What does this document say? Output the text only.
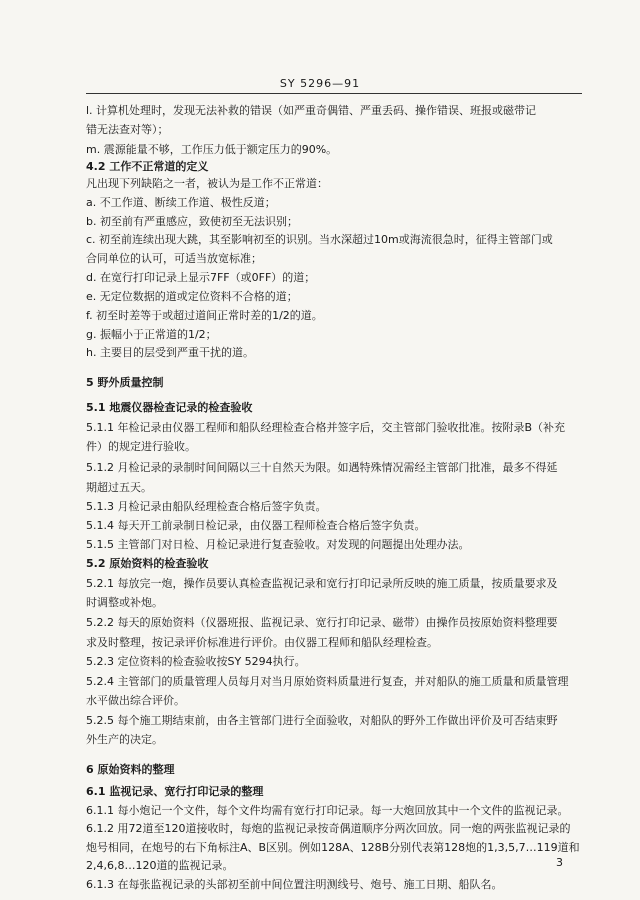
SY 5296—91
l. 计算机处理时，发现无法补救的错误（如严重奇偶错、严重丢码、操作错误、班报或磁带记
错无法查对等）；
m. 震源能量不够，工作压力低于额定压力的90%。
4.2 工作不正常道的定义
凡出现下列缺陷之一者，被认为是工作不正常道：
a. 不工作道、断续工作道、极性反道；
b. 初至前有严重感应，致使初至无法识别；
c. 初至前连续出现大跳，其至影响初至的识别。当水深超过10m或海流很急时，征得主管部门或
合同单位的认可，可适当放宽标准；
d. 在宽行打印记录上显示7FF（或0FF）的道；
e. 无定位数据的道或定位资料不合格的道；
f. 初至时差等于或超过道间正常时差的1/2的道。
g. 振幅小于正常道的1/2；
h. 主要目的层受到严重干扰的道。
5 野外质量控制
5.1 地震仪器检查记录的检查验收
5.1.1 年检记录由仪器工程师和船队经理检查合格并签字后，交主管部门验收批准。按附录B（补充
件）的规定进行验收。
5.1.2 月检记录的录制时间间隔以三十自然天为限。如遇特殊情况需经主管部门批准，最多不得延
期超过五天。
5.1.3 月检记录由船队经理检查合格后签字负责。
5.1.4 每天开工前录制日检记录，由仪器工程师检查合格后签字负责。
5.1.5 主管部门对日检、月检记录进行复查验收。对发现的问题提出处理办法。
5.2 原始资料的检查验收
5.2.1 每放完一炮，操作员要认真检查监视记录和宽行打印记录所反映的施工质量，按质量要求及
时调整或补炮。
5.2.2 每天的原始资料（仪器班报、监视记录、宽行打印记录、磁带）由操作员按原始资料整理要
求及时整理，按记录评价标准进行评价。由仪器工程师和船队经理检查。
5.2.3 定位资料的检查验收按SY 5294执行。
5.2.4 主管部门的质量管理人员每月对当月原始资料质量进行复查，并对船队的施工质量和质量管理
水平做出综合评价。
5.2.5 每个施工期结束前，由各主管部门进行全面验收，对船队的野外工作做出评价及可否结束野
外生产的决定。
6 原始资料的整理
6.1 监视记录、宽行打印记录的整理
6.1.1 每小炮记一个文件，每个文件均需有宽行打印记录。每一大炮回放其中一个文件的监视记录。
6.1.2 用72道至120道接收时，每炮的监视记录按奇偶道顺序分两次回放。同一炮的两张监视记录的
炮号相同，在炮号的右下角标注A、B区别。例如128A、128B分别代表第128炮的1,3,5,7…119道和
2,4,6,8…120道的监视记录。
6.1.3 在每张监视记录的头部初至前中间位置注明测线号、炮号、施工日期、船队名。
3
